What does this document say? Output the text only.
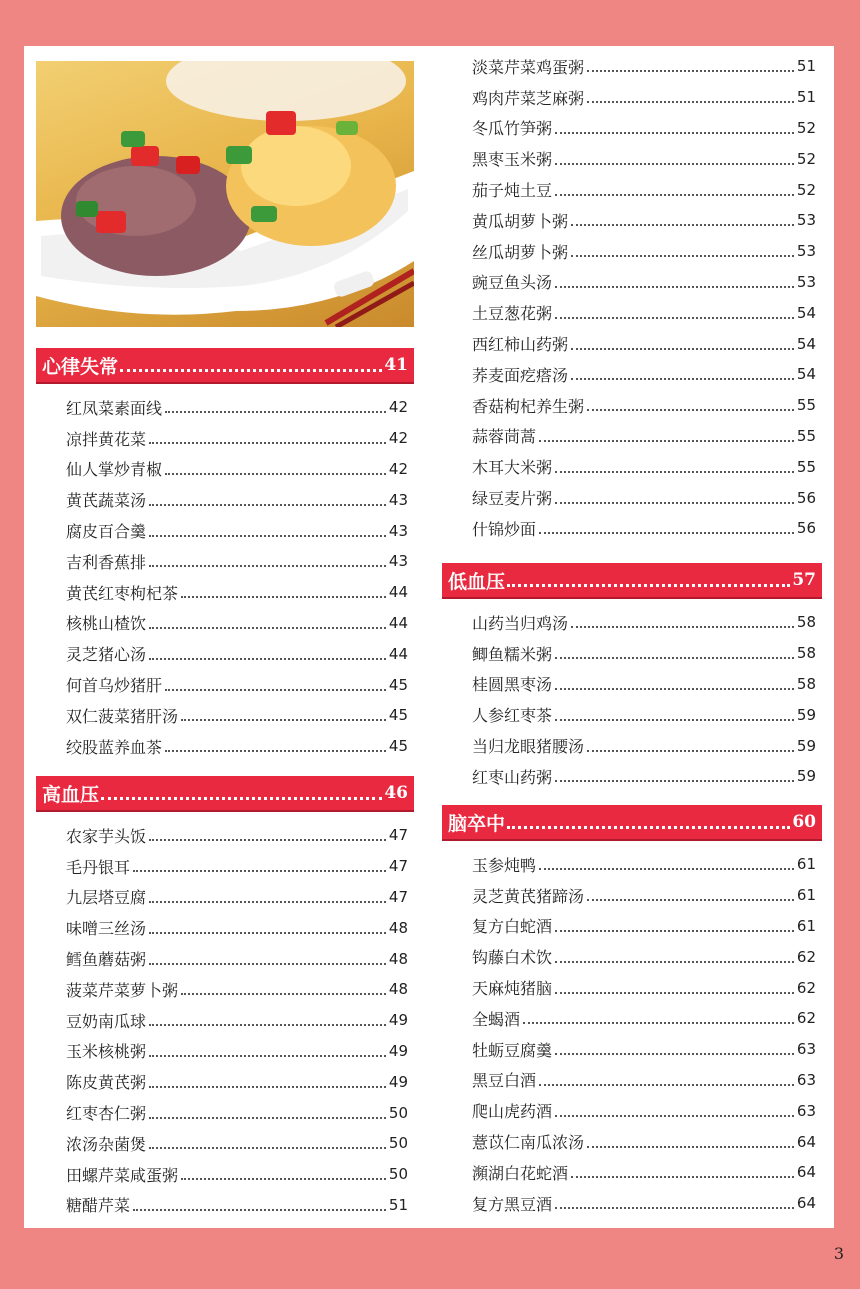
心律失常	41
红凤菜素面线	42
凉拌黄花菜	42
仙人掌炒青椒	42
黄芪蔬菜汤	43
腐皮百合羹	43
吉利香蕉排	43
黄芪红枣枸杞茶	44
核桃山楂饮	44
灵芝猪心汤	44
何首乌炒猪肝	45
双仁菠菜猪肝汤	45
绞股蓝养血茶	45
高血压	46
农家芋头饭	47
毛丹银耳	47
九层塔豆腐	47
味噌三丝汤	48
鳕鱼蘑菇粥	48
菠菜芹菜萝卜粥	48
豆奶南瓜球	49
玉米核桃粥	49
陈皮黄芪粥	49
红枣杏仁粥	50
浓汤杂菌煲	50
田螺芹菜咸蛋粥	50
糖醋芹菜	51
淡菜芹菜鸡蛋粥	51
鸡肉芹菜芝麻粥	51
冬瓜竹笋粥	52
黑枣玉米粥	52
茄子炖土豆	52
黄瓜胡萝卜粥	53
丝瓜胡萝卜粥	53
豌豆鱼头汤	53
土豆葱花粥	54
西红柿山药粥	54
荞麦面疙瘩汤	54
香菇枸杞养生粥	55
蒜蓉茼蒿	55
木耳大米粥	55
绿豆麦片粥	56
什锦炒面	56
低血压	57
山药当归鸡汤	58
鲫鱼糯米粥	58
桂圆黑枣汤	58
人参红枣茶	59
当归龙眼猪腰汤	59
红枣山药粥	59
脑卒中	60
玉参炖鸭	61
灵芝黄芪猪蹄汤	61
复方白蛇酒	61
钩藤白术饮	62
天麻炖猪脑	62
全蝎酒	62
牡蛎豆腐羹	63
黑豆白酒	63
爬山虎药酒	63
薏苡仁南瓜浓汤	64
瀕湖白花蛇酒	64
复方黑豆酒	64
3
